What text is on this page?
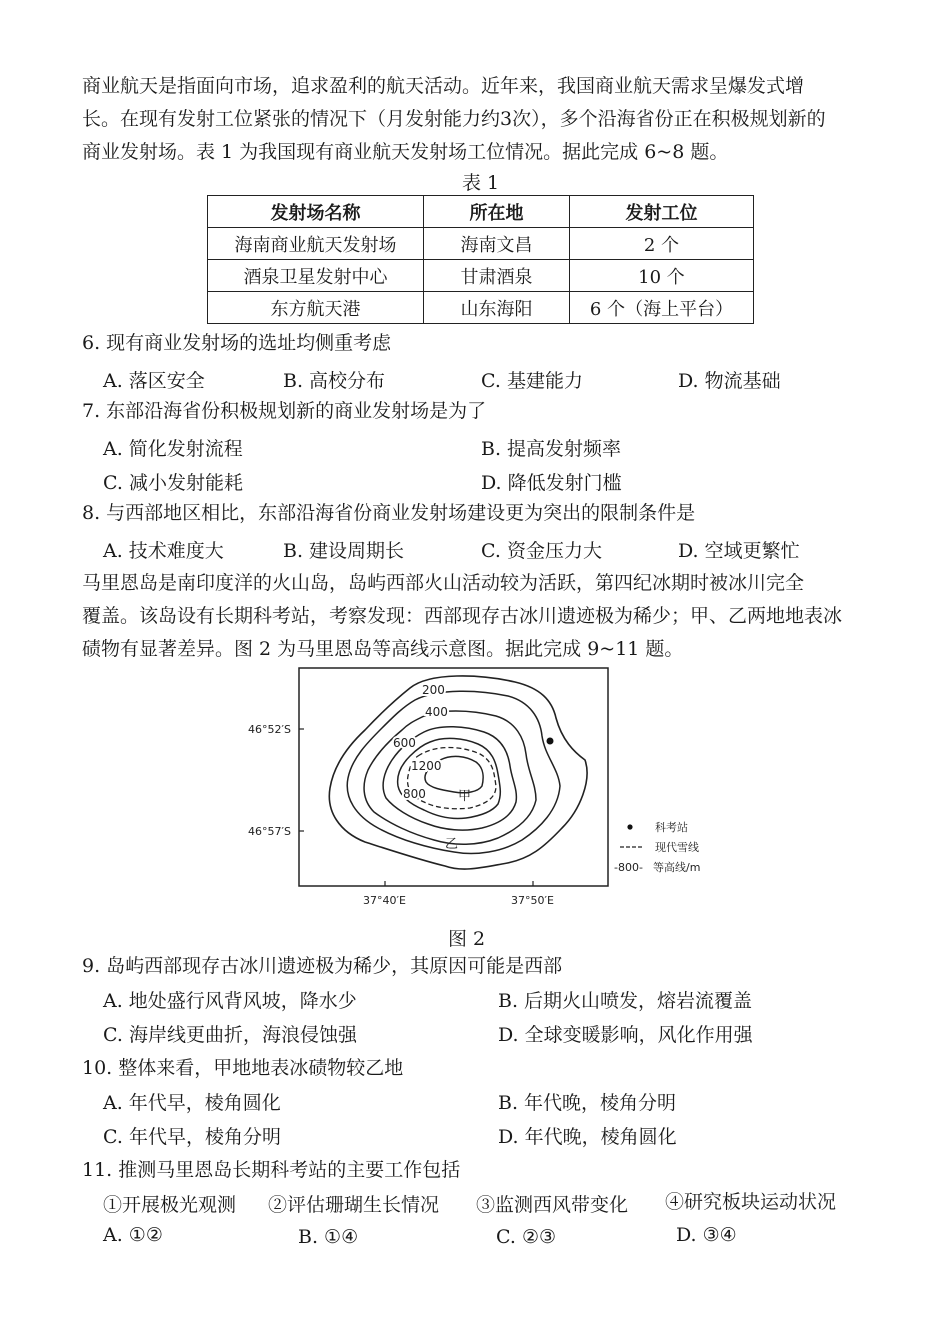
商业航天是指面向市场，追求盈利的航天活动。近年来，我国商业航天需求呈爆发式增
长。在现有发射工位紧张的情况下（月发射能力约3次），多个沿海省份正在积极规划新的
商业发射场。表 1 为我国现有商业航天发射场工位情况。据此完成 6~8 题。
表 1
发射场名称	所在地	发射工位
海南商业航天发射场	海南文昌	2 个
酒泉卫星发射中心	甘肃酒泉	10 个
东方航天港	山东海阳	6 个（海上平台）
6. 现有商业发射场的选址均侧重考虑
A. 落区安全	B. 高校分布	C. 基建能力	D. 物流基础
7. 东部沿海省份积极规划新的商业发射场是为了
A. 简化发射流程	B. 提高发射频率
C. 减小发射能耗	D. 降低发射门槛
8. 与西部地区相比，东部沿海省份商业发射场建设更为突出的限制条件是
A. 技术难度大	B. 建设周期长	C. 资金压力大	D. 空域更繁忙
马里恩岛是南印度洋的火山岛，岛屿西部火山活动较为活跃，第四纪冰期时被冰川完全
覆盖。该岛设有长期科考站，考察发现：西部现存古冰川遗迹极为稀少；甲、乙两地地表冰
碛物有显著差异。图 2 为马里恩岛等高线示意图。据此完成 9~11 题。
200
400
600
1200
800 甲
乙
46°52′S
46°57′S
37°40′E	37°50′E
科考站
现代雪线
-800- 等高线/m
图 2
9. 岛屿西部现存古冰川遗迹极为稀少，其原因可能是西部
A. 地处盛行风背风坡，降水少	B. 后期火山喷发，熔岩流覆盖
C. 海岸线更曲折，海浪侵蚀强	D. 全球变暖影响，风化作用强
10. 整体来看，甲地地表冰碛物较乙地
A. 年代早，棱角圆化	B. 年代晚，棱角分明
C. 年代早，棱角分明	D. 年代晚，棱角圆化
11. 推测马里恩岛长期科考站的主要工作包括
①开展极光观测 ②评估珊瑚生长情况 ③监测西风带变化 ④研究板块运动状况
A. ①②	B. ①④	C. ②③	D. ③④
